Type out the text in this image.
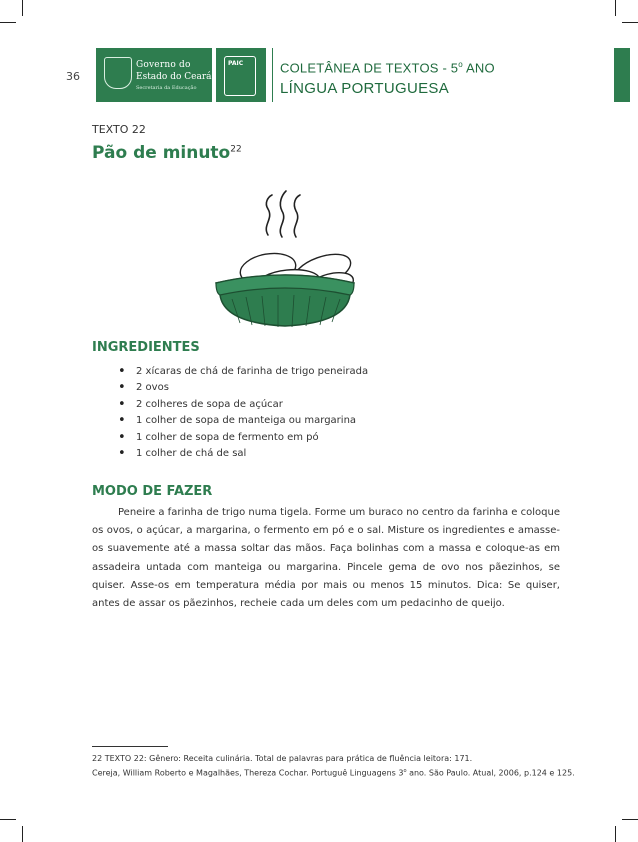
36
Governo do
Estado do Ceará
Secretaria da Educação
PAIC	COLETÂNEA DE TEXTOS - 5$^o$ ANO
LÍNGUA PORTUGUESA
TEXTO 22
Pão de minuto$^{22}$
INGREDIENTES
• 2 xícaras de chá de farinha de trigo peneirada
• 2 ovos
• 2 colheres de sopa de açúcar
• 1 colher de sopa de manteiga ou margarina
• 1 colher de sopa de fermento em pó
• 1 colher de chá de sal
MODO DE FAZER

Peneire a farinha de trigo numa tigela. Forme um buraco no centro da farinha e coloque os ovos, o açúcar, a margarina, o fermento em pó e o sal. Misture os ingredientes e amasse-os suavemente até a massa soltar das mãos. Faça bolinhas com a massa e coloque-as em assadeira untada com manteiga ou margarina. Pincele gema de ovo nos pãezinhos, se quiser. Asse-os em temperatura média por mais ou menos 15 minutos. Dica: Se quiser, antes de assar os pãezinhos, recheie cada um deles com um pedacinho de queijo.

22 TEXTO 22: Gênero: Receita culinária. Total de palavras para prática de fluência leitora: 171.
Cereja, William Roberto e Magalhães, Thereza Cochar. Portuguê Linguagens 3$^o$ ano. São Paulo. Atual, 2006, p.124 e 125.
